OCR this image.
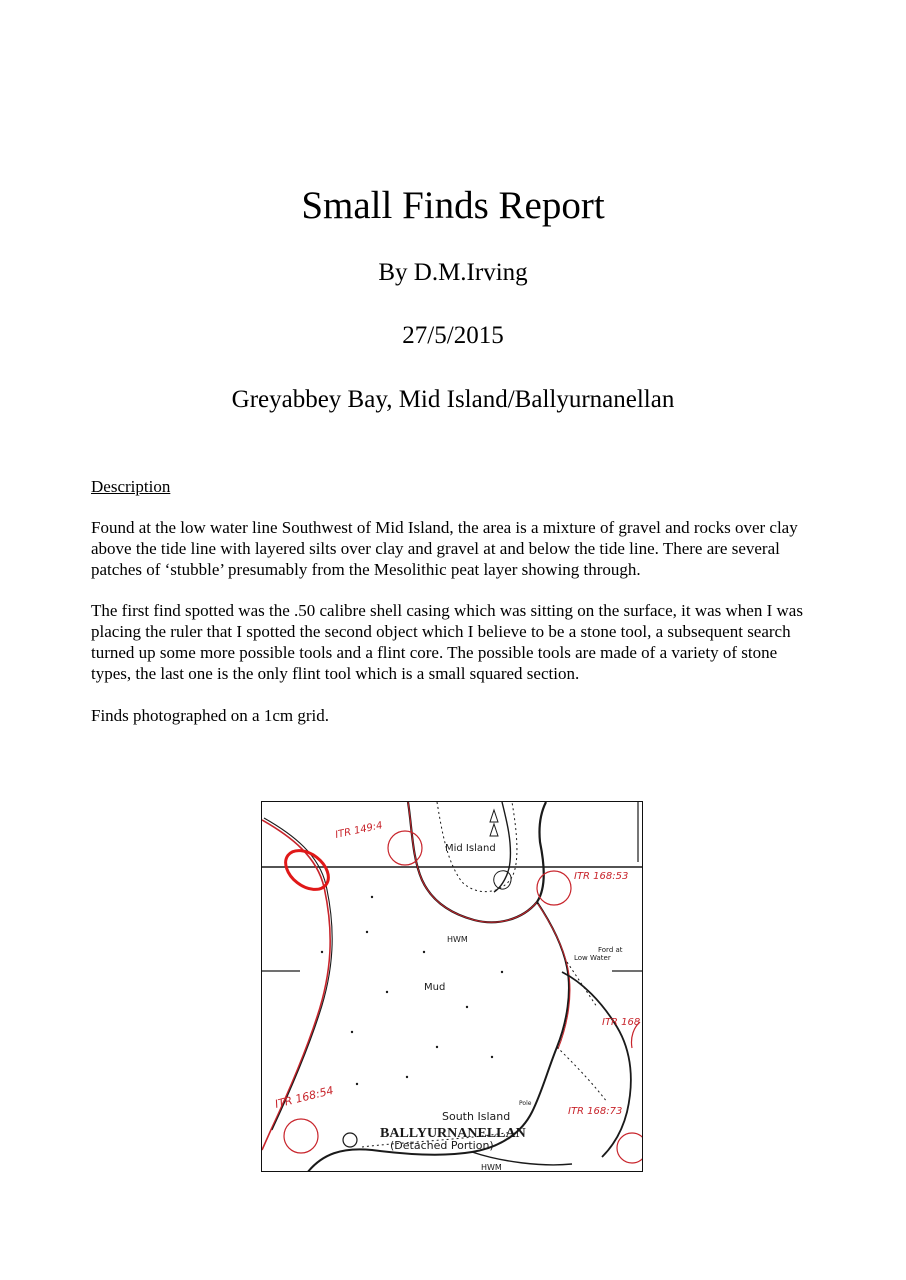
Small Finds Report
By D.M.Irving
27/5/2015
Greyabbey Bay, Mid Island/Ballyurnanellan
Description

Found at the low water line Southwest of Mid Island, the area is a mixture of gravel and rocks over clay above the tide line with layered silts over clay and gravel at and below the tide line. There are several patches of ‘stubble’ presumably from the Mesolithic peat layer showing through.

The first find spotted was the .50 calibre shell casing which was sitting on the surface, it was when I was placing the ruler that I spotted the second object which I believe to be a stone tool, a subsequent search turned up some more possible tools and a flint core. The possible tools are made of a variety of stone types, the last one is the only flint tool which is a small squared section.

Finds photographed on a 1cm grid.

Mid Island
Mud
Ford at
Low Water
HWM
HWM
South Island
BALLYURNANELLAN
(Detached Portion)
Pole
ITR 149:4
ITR 168:53
ITR 168
ITR 168:54
ITR 168:73
